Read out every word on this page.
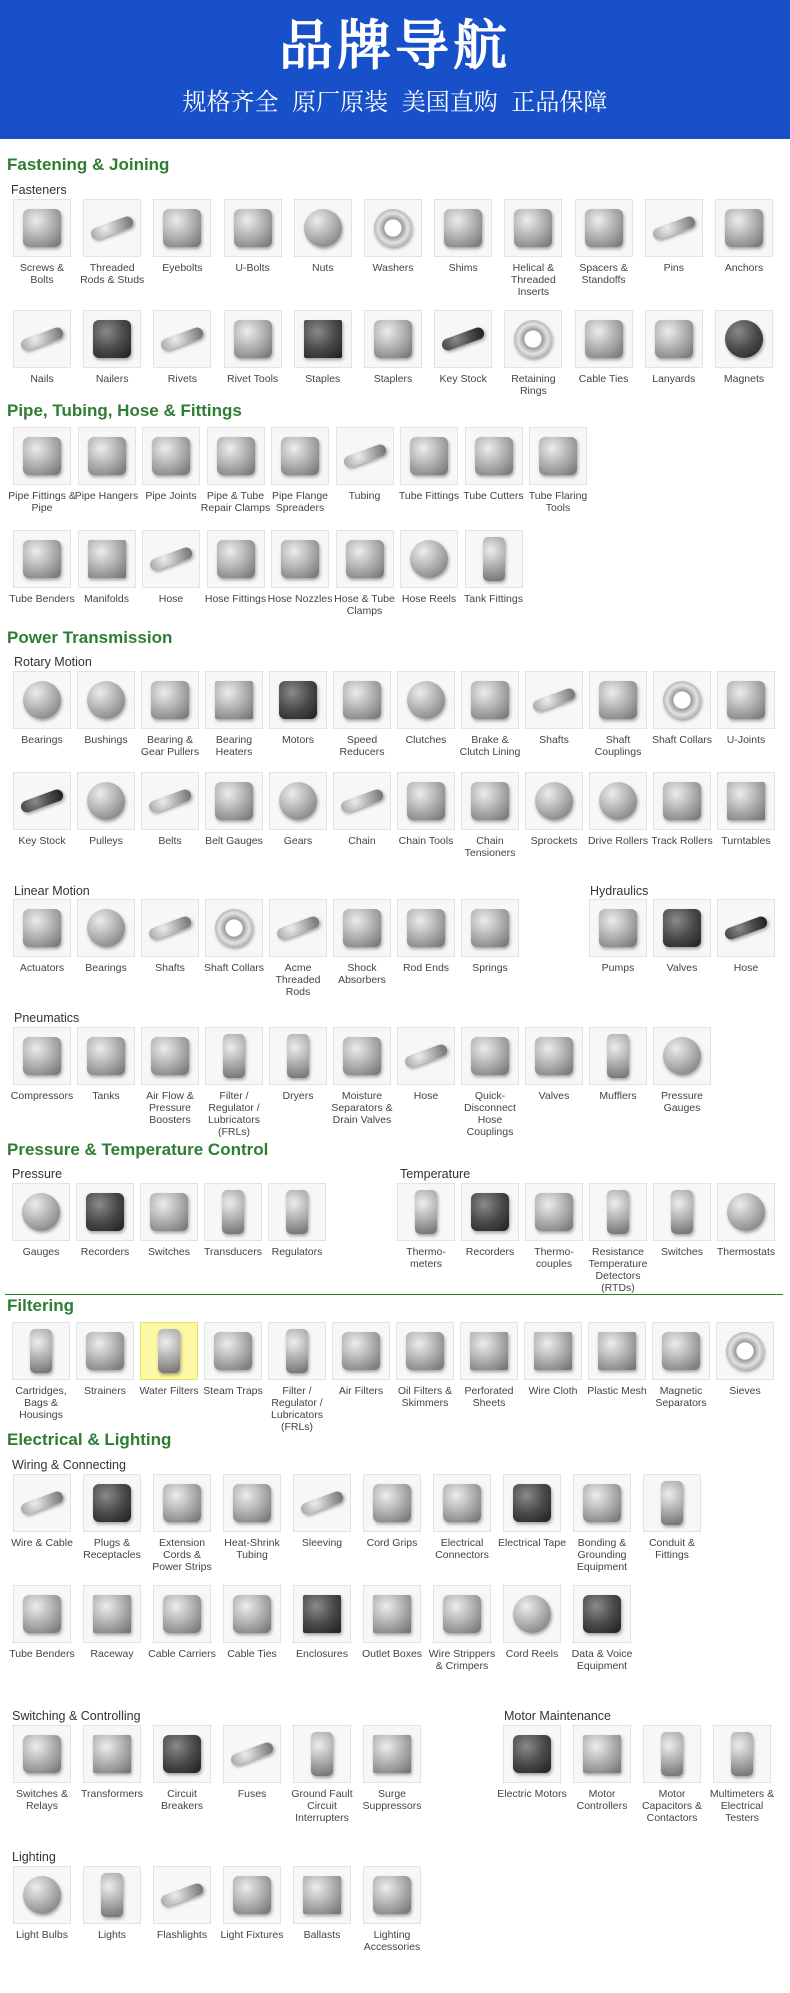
品牌导航
规格齐全 原厂原装 美国直购 正品保障
Fastening & Joining
Fasteners
Screws & Bolts
Threaded Rods & Studs
Eyebolts	U-Bolts	Nuts	Washers	Shims	Helical & Threaded Inserts
Spacers & Standoffs
Pins	Anchors
Nails	Nailers	Rivets	Rivet Tools	Staples	Staplers	Key Stock	Retaining Rings
Cable Ties	Lanyards	Magnets
Pipe, Tubing, Hose & Fittings
Pipe Fittings & Pipe
Pipe Hangers Pipe Joints Pipe & Tube Repair Clamps
Pipe Flange Spreaders
Tubing	Tube Fittings Tube Cutters Tube Flaring Tools
Tube Benders Manifolds	Hose	Hose Fittings Hose Nozzles Hose & Tube Clamps
Hose Reels Tank Fittings
Power Transmission
Rotary Motion
Bearings	Bushings	Bearing & Gear Pullers
Bearing Heaters
Motors	Speed Reducers
Clutches	Brake & Clutch Lining
Shafts	Shaft Couplings
Shaft Collars	U-Joints
Key Stock	Pulleys	Belts	Belt Gauges	Gears	Chain	Chain Tools	Chain Tensioners
Sprockets	Drive Rollers Track Rollers Turntables
Linear Motion
Actuators	Bearings	Shafts	Shaft Collars	Acme Threaded Rods
Shock Absorbers
Rod Ends	Springs
Hydraulics
Pumps	Valves	Hose
Pneumatics
Compressors	Tanks	Air Flow & Pressure Boosters
Filter / Regulator / Lubricators (FRLs)
Dryers	Moisture Separators & Drain Valves
Hose	Quick-Disconnect Hose Couplings
Valves	Mufflers	Pressure Gauges
Pressure & Temperature Control
Pressure
Gauges	Recorders	Switches	Transducers Regulators
Temperature
Thermo-meters
Recorders	Thermo-couples
Resistance Temperature Detectors (RTDs)
Switches	Thermostats
Filtering
Cartridges, Bags & Housings
Strainers	Water Filters Steam Traps	Filter / Regulator / Lubricators (FRLs)
Air Filters	Oil Filters & Skimmers
Perforated Sheets
Wire Cloth Plastic Mesh	Magnetic Separators
Sieves
Electrical & Lighting
Wiring & Connecting
Wire & Cable	Plugs & Receptacles
Extension Cords & Power Strips
Heat-Shrink Tubing
Sleeving	Cord Grips	Electrical Connectors
Electrical Tape	Bonding & Grounding Equipment
Conduit & Fittings
Tube Benders	Raceway	Cable Carriers	Cable Ties	Enclosures	Outlet Boxes Wire Strippers & Crimpers
Cord Reels	Data & Voice Equipment
Switching & Controlling
Switches & Relays
Transformers	Circuit Breakers
Fuses	Ground Fault Circuit Interrupters
Surge Suppressors
Motor Maintenance
Electric Motors	Motor Controllers
Motor Capacitors & Contactors
Multimeters & Electrical Testers
Lighting
Light Bulbs	Lights	Flashlights	Light Fixtures	Ballasts	Lighting Accessories
